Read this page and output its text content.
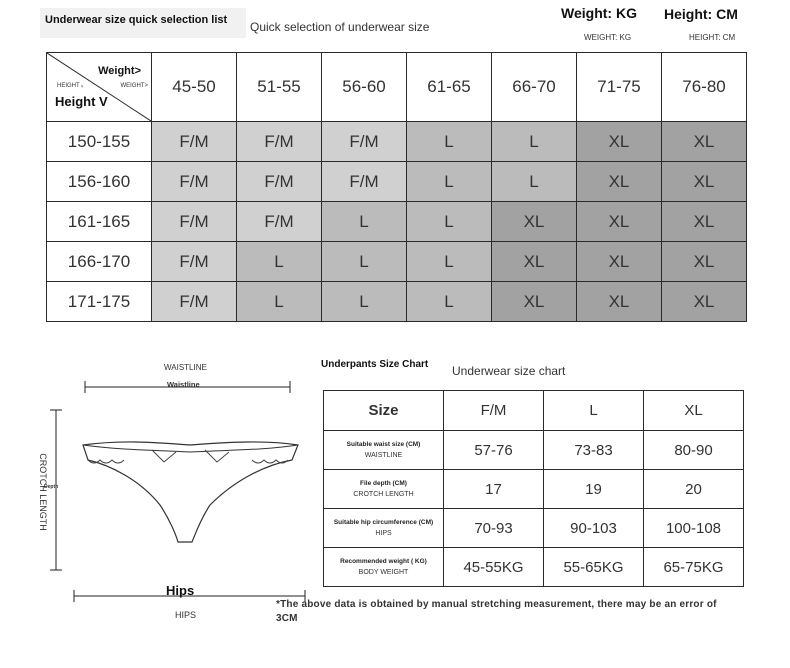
Underwear size quick selection list Quick selection of underwear size
Weight: KG
WEIGHT: KG
Height: CM
HEIGHT: CM
Weight>
HEIGHT ᵥ WEIGHT>
Height V	45-50	51-55	56-60	61-65	66-70	71-75	76-80
150-155	F/M	F/M	F/M	L	L	XL	XL
156-160	F/M	F/M	F/M	L	L	XL	XL
161-165	F/M	F/M	L	L	XL	XL	XL
166-170	F/M	L	L	L	XL	XL	XL
171-175	F/M	L	L	L	XL	XL	XL
WAISTLINE
Waistline
CROTCH LENGTH
Depth
Hips
HIPS
Underpants Size Chart Underwear size chart
Size	F/M	L	XL

Suitable waist size (CM)
WAISTLINE	57-76	73-83	80-90

File depth (CM)
CROTCH LENGTH	17	19	20

Suitable hip circumference (CM)
HIPS	70-93	90-103	100-108

Recommended weight ( KG)
BODY WEIGHT	45-55KG	55-65KG	65-75KG
*The above data is obtained by manual stretching measurement, there may be an error of 3CM
